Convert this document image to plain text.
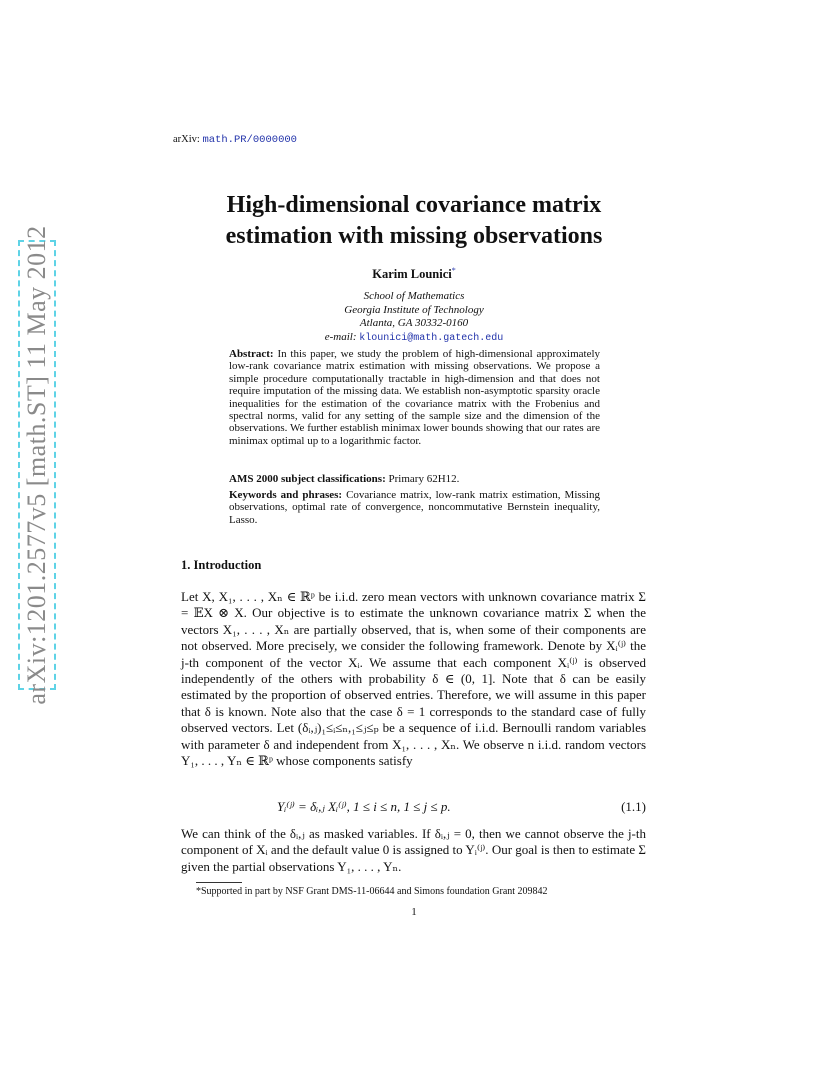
arXiv:1201.2577v5 [math.ST] 11 May 2012
arXiv: math.PR/0000000
High-dimensional covariance matrix
estimation with missing observations
Karim Lounici*
School of Mathematics
Georgia Institute of Technology
Atlanta, GA 30332-0160
e-mail: klounici@math.gatech.edu
Abstract: In this paper, we study the problem of high-dimensional approximately low-rank covariance matrix estimation with missing observations. We propose a simple procedure computationally tractable in high-dimension and that does not require imputation of the missing data. We establish non-asymptotic sparsity oracle inequalities for the estimation of the covariance matrix with the Frobenius and spectral norms, valid for any setting of the sample size and the dimension of the observations. We further establish minimax lower bounds showing that our rates are minimax optimal up to a logarithmic factor.
AMS 2000 subject classifications: Primary 62H12.
Keywords and phrases: Covariance matrix, low-rank matrix estimation, Missing observations, optimal rate of convergence, noncommutative Bernstein inequality, Lasso.
1. Introduction
Let X, X₁, . . . , Xₙ ∈ ℝᵖ be i.i.d. zero mean vectors with unknown covariance matrix Σ = 𝔼X ⊗ X. Our objective is to estimate the unknown covariance matrix Σ when the vectors X₁, . . . , Xₙ are partially observed, that is, when some of their components are not observed. More precisely, we consider the following framework. Denote by Xᵢ⁽ʲ⁾ the j-th component of the vector Xᵢ. We assume that each component Xᵢ⁽ʲ⁾ is observed independently of the others with probability δ ∈ (0, 1]. Note that δ can be easily estimated by the proportion of observed entries. Therefore, we will assume in this paper that δ is known. Note also that the case δ = 1 corresponds to the standard case of fully observed vectors. Let (δᵢ,ⱼ)₁≤ᵢ≤ₙ,₁≤ⱼ≤ₚ be a sequence of i.i.d. Bernoulli random variables with parameter δ and independent from X₁, . . . , Xₙ. We observe n i.i.d. random vectors Y₁, . . . , Yₙ ∈ ℝᵖ whose components satisfy
Yᵢ⁽ʲ⁾ = δᵢ,ⱼ Xᵢ⁽ʲ⁾, 1 ≤ i ≤ n, 1 ≤ j ≤ p.	(1.1)
We can think of the δᵢ,ⱼ as masked variables. If δᵢ,ⱼ = 0, then we cannot observe the j-th component of Xᵢ and the default value 0 is assigned to Yᵢ⁽ʲ⁾. Our goal is then to estimate Σ given the partial observations Y₁, . . . , Yₙ.
*Supported in part by NSF Grant DMS-11-06644 and Simons foundation Grant 209842
1
